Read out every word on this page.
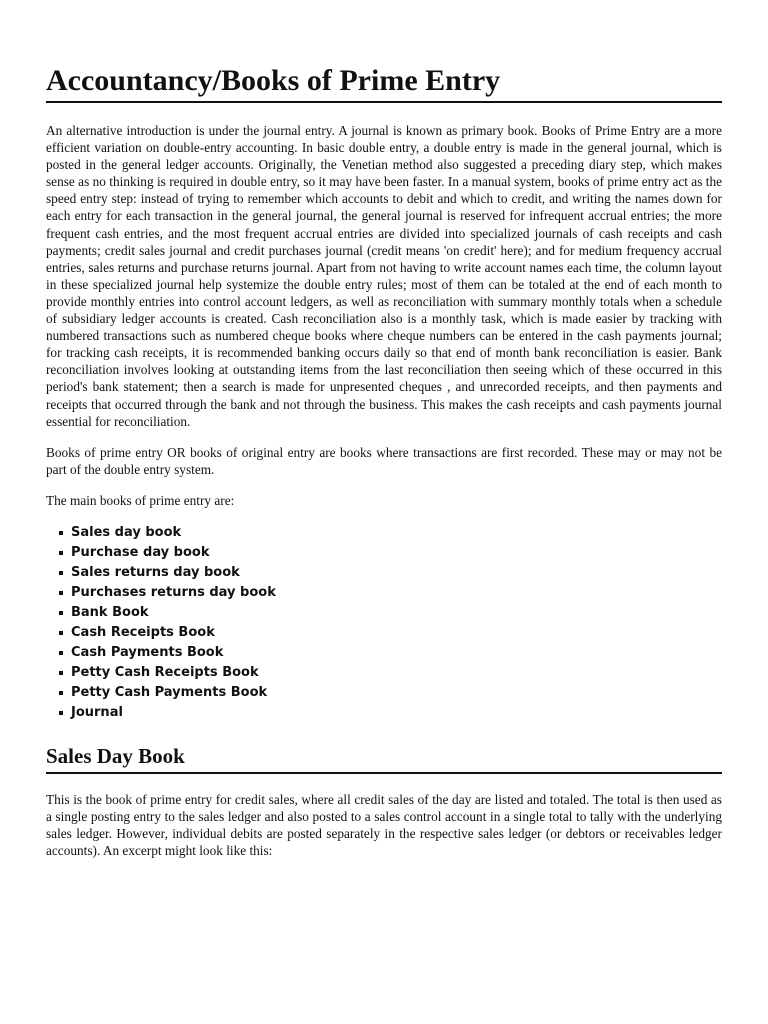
Accountancy/Books of Prime Entry

An alternative introduction is under the journal entry. A journal is known as primary book. Books of Prime Entry are a more efficient variation on double-entry accounting. In basic double entry, a double entry is made in the general journal, which is posted in the general ledger accounts. Originally, the Venetian method also suggested a preceding diary step, which makes sense as no thinking is required in double entry, so it may have been faster. In a manual system, books of prime entry act as the speed entry step: instead of trying to remember which accounts to debit and which to credit, and writing the names down for each entry for each transaction in the general journal, the general journal is reserved for infrequent accrual entries; the more frequent cash entries, and the most frequent accrual entries are divided into specialized journals of cash receipts and cash payments; credit sales journal and credit purchases journal (credit means 'on credit' here); and for medium frequency accrual entries, sales returns and purchase returns journal. Apart from not having to write account names each time, the column layout in these specialized journal help systemize the double entry rules; most of them can be totaled at the end of each month to provide monthly entries into control account ledgers, as well as reconciliation with summary monthly totals when a schedule of subsidiary ledger accounts is created. Cash reconciliation also is a monthly task, which is made easier by tracking with numbered transactions such as numbered cheque books where cheque numbers can be entered in the cash payments journal; for tracking cash receipts, it is recommended banking occurs daily so that end of month bank reconciliation is easier. Bank reconciliation involves looking at outstanding items from the last reconciliation then seeing which of these occurred in this period's bank statement; then a search is made for unpresented cheques , and unrecorded receipts, and then payments and receipts that occurred through the bank and not through the business. This makes the cash receipts and cash payments journal essential for reconciliation.

Books of prime entry OR books of original entry are books where transactions are first recorded. These may or may not be part of the double entry system.

The main books of prime entry are:

Sales day book
Purchase day book
Sales returns day book
Purchases returns day book
Bank Book
Cash Receipts Book
Cash Payments Book
Petty Cash Receipts Book
Petty Cash Payments Book
Journal
Sales Day Book

This is the book of prime entry for credit sales, where all credit sales of the day are listed and totaled. The total is then used as a single posting entry to the sales ledger and also posted to a sales control account in a single total to tally with the underlying sales ledger. However, individual debits are posted separately in the respective sales ledger (or debtors or receivables ledger accounts). An excerpt might look like this:
